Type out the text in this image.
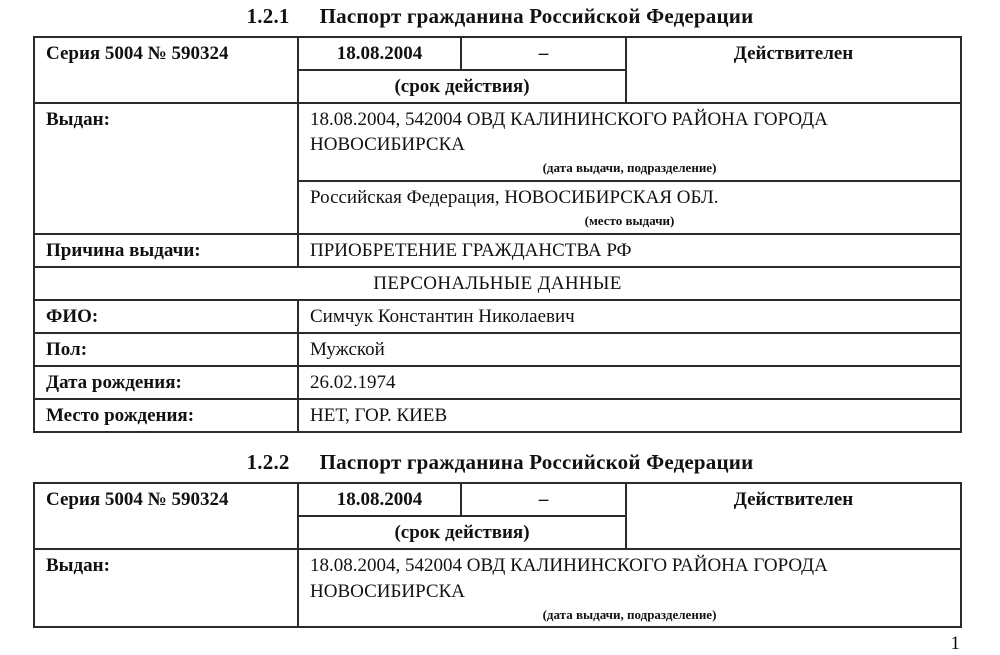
1.2.1 Паспорт гражданина Российской Федерации
Серия 5004 № 590324	18.08.2004	–	Действителен
	(срок действия)		
Выдан:	18.08.2004, 542004 ОВД КАЛИНИНСКОГО РАЙОНА ГОРОДА НОВОСИБИРСКА
(дата выдачи, подразделение)		

	Российская Федерация, НОВОСИБИРСКАЯ ОБЛ.
(место выдачи)		

Причина выдачи:	ПРИОБРЕТЕНИЕ ГРАЖДАНСТВА РФ		
ПЕРСОНАЛЬНЫЕ ДАННЫЕ			
ФИО:	Симчук Константин Николаевич		
Пол:	Мужской		
Дата рождения:	26.02.1974		
Место рождения:	НЕТ, ГОР. КИЕВ		
1.2.2 Паспорт гражданина Российской Федерации
Серия 5004 № 590324	18.08.2004	–	Действителен
	(срок действия)		
Выдан:	18.08.2004, 542004 ОВД КАЛИНИНСКОГО РАЙОНА ГОРОДА НОВОСИБИРСКА
(дата выдачи, подразделение)		
1
